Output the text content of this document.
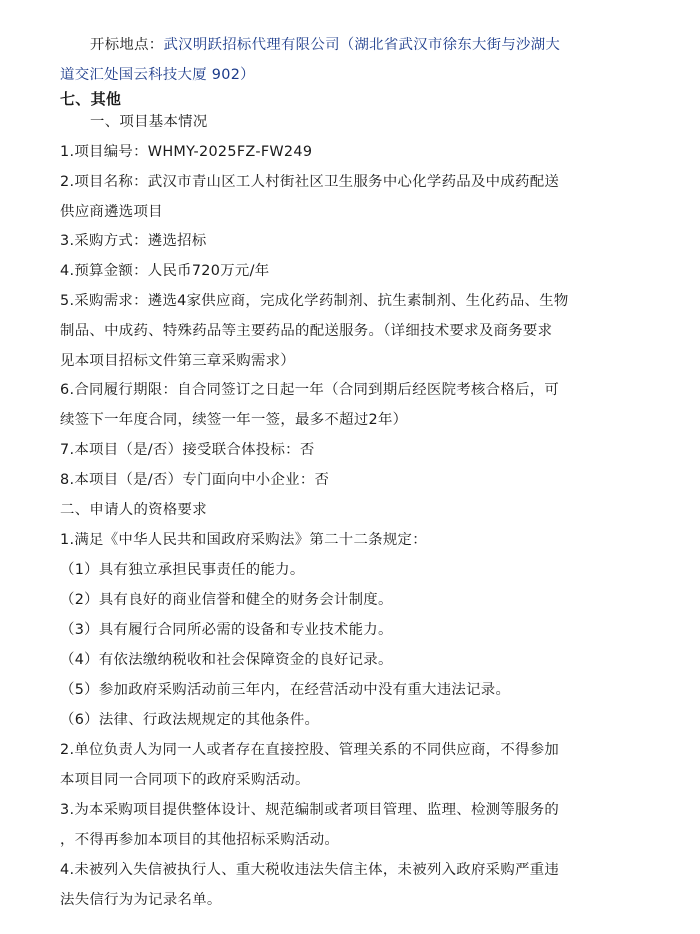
开标地点：武汉明跃招标代理有限公司（湖北省武汉市徐东大街与沙湖大
道交汇处国云科技大厦 902）
七、其他
一、项目基本情况
1.项目编号：WHMY-2025FZ-FW249
2.项目名称：武汉市青山区工人村街社区卫生服务中心化学药品及中成药配送
供应商遴选项目
3.采购方式：遴选招标
4.预算金额：人民币720万元/年
5.采购需求：遴选4家供应商，完成化学药制剂、抗生素制剂、生化药品、生物
制品、中成药、特殊药品等主要药品的配送服务。（详细技术要求及商务要求
见本项目招标文件第三章采购需求）
6.合同履行期限：自合同签订之日起一年（合同到期后经医院考核合格后，可
续签下一年度合同，续签一年一签，最多不超过2年）
7.本项目（是/否）接受联合体投标：否
8.本项目（是/否）专门面向中小企业：否
二、申请人的资格要求
1.满足《中华人民共和国政府采购法》第二十二条规定：
（1）具有独立承担民事责任的能力。
（2）具有良好的商业信誉和健全的财务会计制度。
（3）具有履行合同所必需的设备和专业技术能力。
（4）有依法缴纳税收和社会保障资金的良好记录。
（5）参加政府采购活动前三年内，在经营活动中没有重大违法记录。
（6）法律、行政法规规定的其他条件。
2.单位负责人为同一人或者存在直接控股、管理关系的不同供应商，不得参加
本项目同一合同项下的政府采购活动。
3.为本采购项目提供整体设计、规范编制或者项目管理、监理、检测等服务的
，不得再参加本项目的其他招标采购活动。
4.未被列入失信被执行人、重大税收违法失信主体，未被列入政府采购严重违
法失信行为为记录名单。
